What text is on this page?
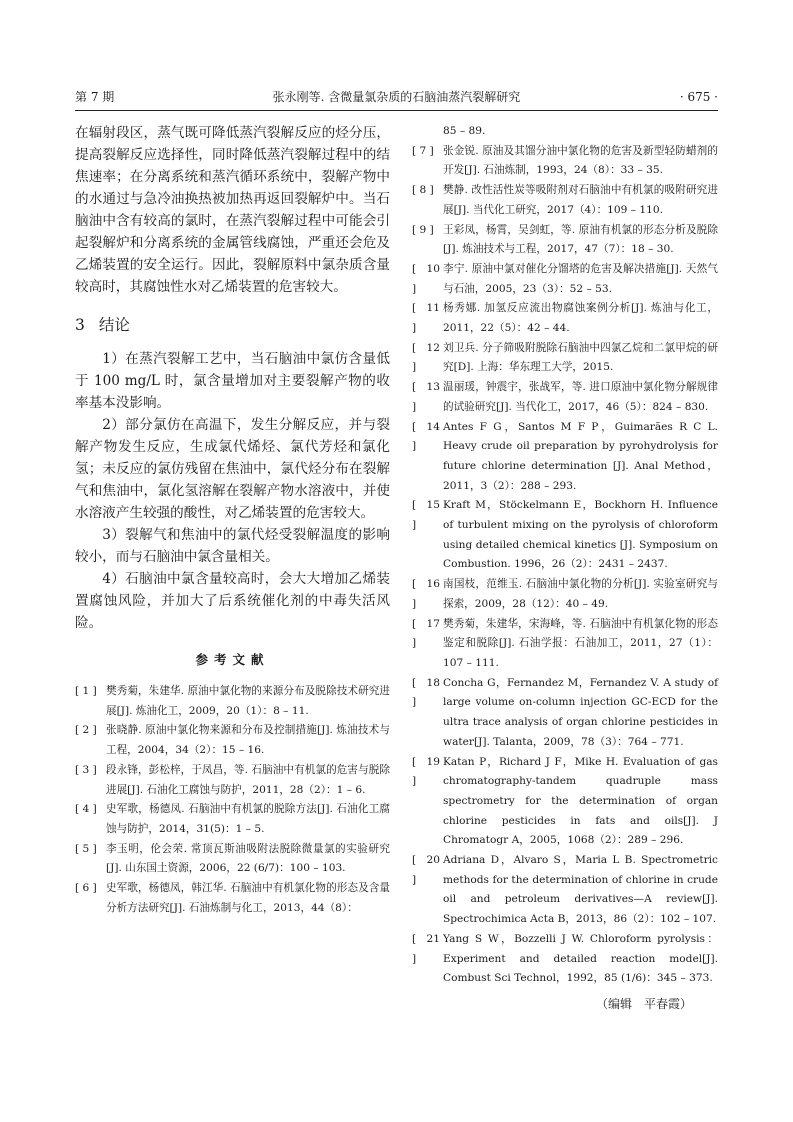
第 7 期	张永刚等. 含微量氯杂质的石脑油蒸汽裂解研究	· 675 ·

在辐射段区，蒸气既可降低蒸汽裂解反应的烃分压，提高裂解反应选择性，同时降低蒸汽裂解过程中的结焦速率；在分离系统和蒸汽循环系统中，裂解产物中的水通过与急冷油换热被加热再返回裂解炉中。当石脑油中含有较高的氯时，在蒸汽裂解过程中可能会引起裂解炉和分离系统的金属管线腐蚀，严重还会危及乙烯装置的安全运行。因此，裂解原料中氯杂质含量较高时，其腐蚀性水对乙烯装置的危害较大。

3 结论

1）在蒸汽裂解工艺中，当石脑油中氯仿含量低于 100 mg/L 时，氯含量增加对主要裂解产物的收率基本没影响。

2）部分氯仿在高温下，发生分解反应，并与裂解产物发生反应，生成氯代烯烃、氯代芳烃和氯化氢；未反应的氯仿残留在焦油中，氯代烃分布在裂解气和焦油中，氯化氢溶解在裂解产物水溶液中，并使水溶液产生较强的酸性，对乙烯装置的危害较大。

3）裂解气和焦油中的氯代烃受裂解温度的影响较小，而与石脑油中氯含量相关。

4）石脑油中氯含量较高时，会大大增加乙烯装置腐蚀风险，并加大了后系统催化剂的中毒失活风险。

参考文献
[ 1 ] 樊秀菊，朱建华. 原油中氯化物的来源分布及脱除技术研究进展[J]. 炼油化工，2009，20（1）：8 – 11.
[ 2 ] 张晓静. 原油中氯化物来源和分布及控制措施[J]. 炼油技术与工程，2004，34（2）：15 – 16.
[ 3 ] 段永锋，彭松梓，于凤昌，等. 石脑油中有机氯的危害与脱除进展[J]. 石油化工腐蚀与防护，2011，28（2）：1 – 6.
[ 4 ] 史军歌，杨德凤. 石脑油中有机氯的脱除方法[J]. 石油化工腐蚀与防护，2014，31(5)：1 – 5.
[ 5 ] 李玉明，伦会荣. 常顶瓦斯油吸附法脱除微量氯的实验研究[J]. 山东国土资源，2006，22 (6/7)：100 – 103.
[ 6 ] 史军歌，杨德凤，韩江华. 石脑油中有机氯化物的形态及含量分析方法研究[J]. 石油炼制与化工，2013，44（8）：
85 – 89.
[ 7 ] 张金锐. 原油及其馏分油中氯化物的危害及新型轻防蜡剂的开发[J]. 石油炼制，1993，24（8）：33 – 35.
[ 8 ] 樊静. 改性活性炭等吸附剂对石脑油中有机氯的吸附研究进展[J]. 当代化工研究，2017（4）：109 – 110.
[ 9 ] 王彩凤，杨霄，吴剑虹，等. 原油有机氯的形态分析及脱除[J]. 炼油技术与工程，2017，47（7）：18 – 30.
[ 10 ]
李宁. 原油中氯对催化分馏塔的危害及解决措施[J]. 天然气与石油，2005，23（3）：52 – 53.
[ 11 ]
杨秀娜. 加氢反应流出物腐蚀案例分析[J]. 炼油与化工，2011，22（5）：42 – 44.
[ 12 ]
刘卫兵. 分子筛吸附脱除石脑油中四氯乙烷和二氯甲烷的研究[D]. 上海：华东理工大学，2015.
[ 13 ]
温丽瑗，钟震宇，张战军，等. 进口原油中氯化物分解规律的试验研究[J]. 当代化工，2017，46（5）：824 – 830.
[ 14 ]
Antes F G，Santos M F P，Guimarães R C L. Heavy crude oil preparation by pyrohydrolysis for future chlorine determination [J]. Anal Method，2011，3（2）：288 – 293.
[ 15 ]
Kraft M，Stöckelmann E，Bockhorn H. Influence of turbulent mixing on the pyrolysis of chloroform using detailed chemical kinetics [J]. Symposium on Combustion. 1996，26（2）：2431 – 2437.
[ 16 ]
南国枝，范维玉. 石脑油中氯化物的分析[J]. 实验室研究与探索，2009，28（12）：40 – 49.
[ 17 ]
樊秀菊，朱建华，宋海峰，等. 石脑油中有机氯化物的形态鉴定和脱除[J]. 石油学报：石油加工，2011，27（1）：107 – 111.
[ 18 ]
Concha G，Fernandez M，Fernandez V. A study of large volume on-column injection GC-ECD for the ultra trace analysis of organ chlorine pesticides in water[J]. Talanta，2009，78（3）：764 – 771.
[ 19 ]
Katan P，Richard J F，Mike H. Evaluation of gas chromatography-tandem quadruple mass spectrometry for the determination of organ chlorine pesticides in fats and oils[J]. J Chromatogr A，2005，1068（2）：289 – 296.
[ 20 ]
Adriana D，Alvaro S，Maria L B. Spectrometric methods for the determination of chlorine in crude oil and petroleum derivatives—A review[J]. Spectrochimica Acta B，2013，86（2）：102 – 107.
[ 21 ]
Yang S W，Bozzelli J W. Chloroform pyrolysis：Experiment and detailed reaction model[J]. Combust Sci Technol，1992，85 (1/6)：345 – 373.
（编辑　平春霞）
